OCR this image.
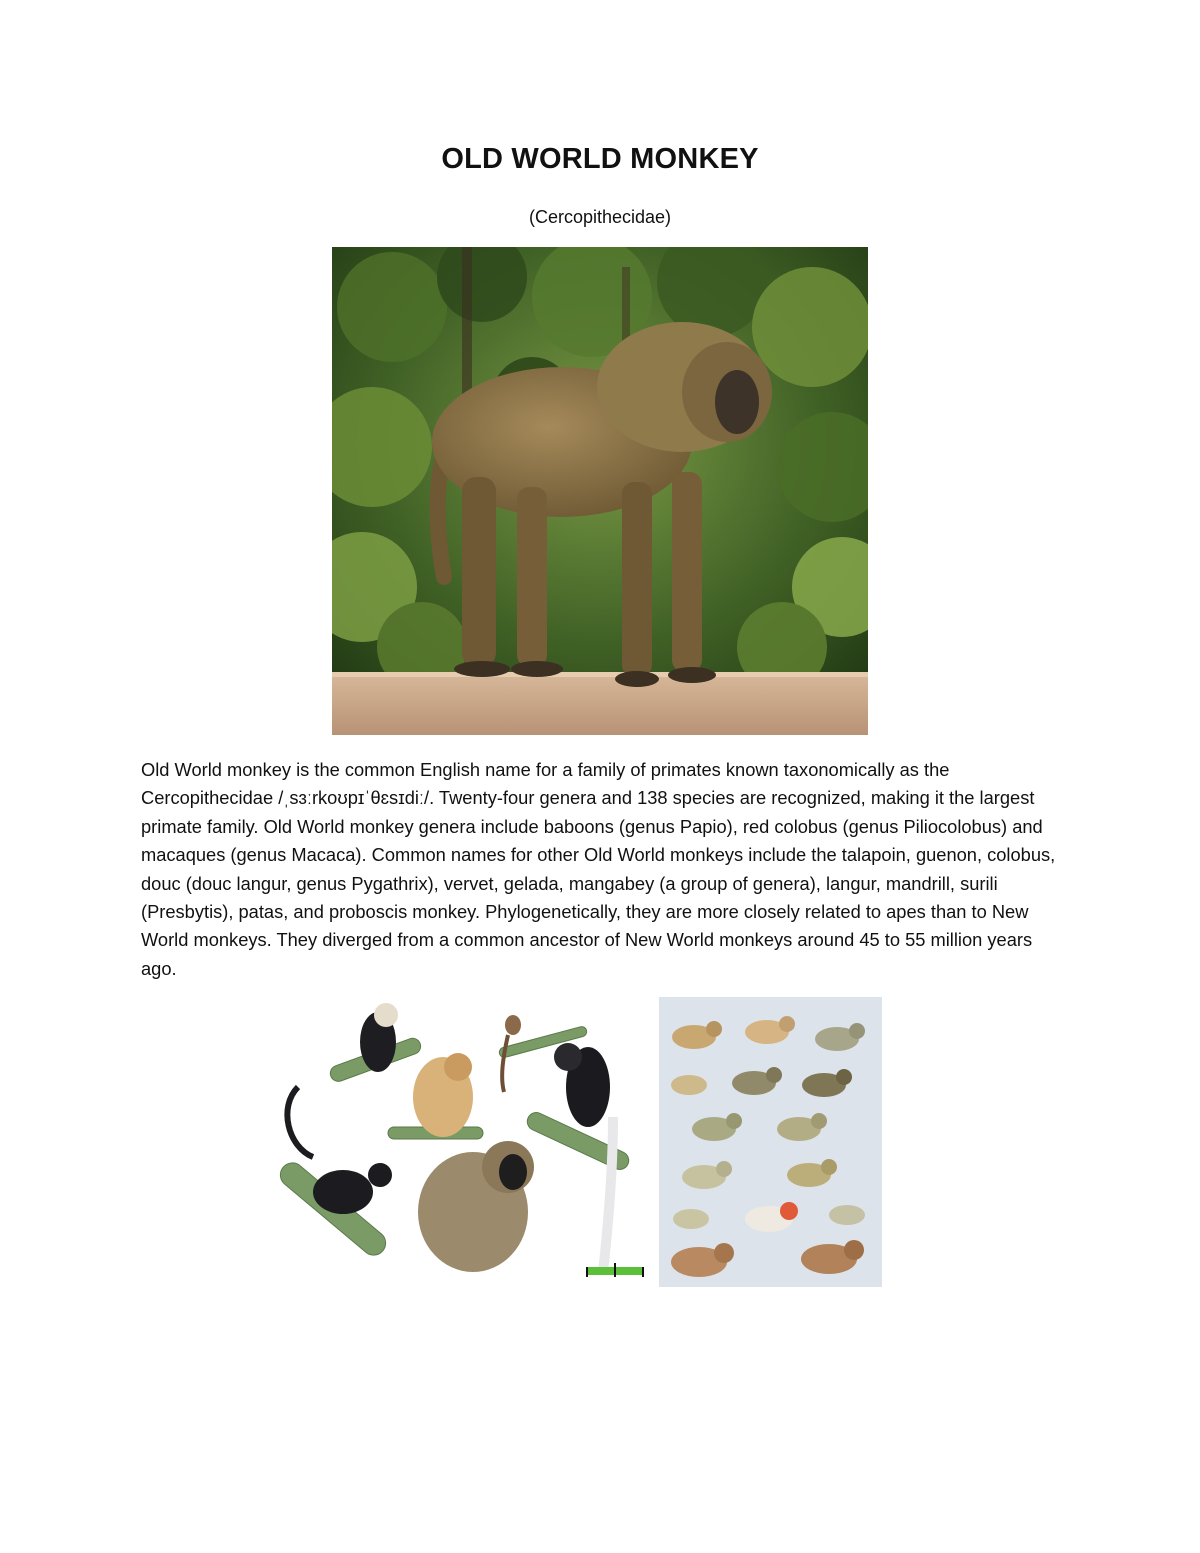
OLD WORLD MONKEY

(Cercopithecidae)

Old World monkey is the common English name for a family of primates known taxonomically as the Cercopithecidae /ˌsɜːrkoʊpɪˈθɛsɪdiː/. Twenty-four genera and 138 species are recognized, making it the largest primate family. Old World monkey genera include baboons (genus Papio), red colobus (genus Piliocolobus) and macaques (genus Macaca). Common names for other Old World monkeys include the talapoin, guenon, colobus, douc (douc langur, genus Pygathrix), vervet, gelada, mangabey (a group of genera), langur, mandrill, surili (Presbytis), patas, and proboscis monkey. Phylogenetically, they are more closely related to apes than to New World monkeys. They diverged from a common ancestor of New World monkeys around 45 to 55 million years ago.
